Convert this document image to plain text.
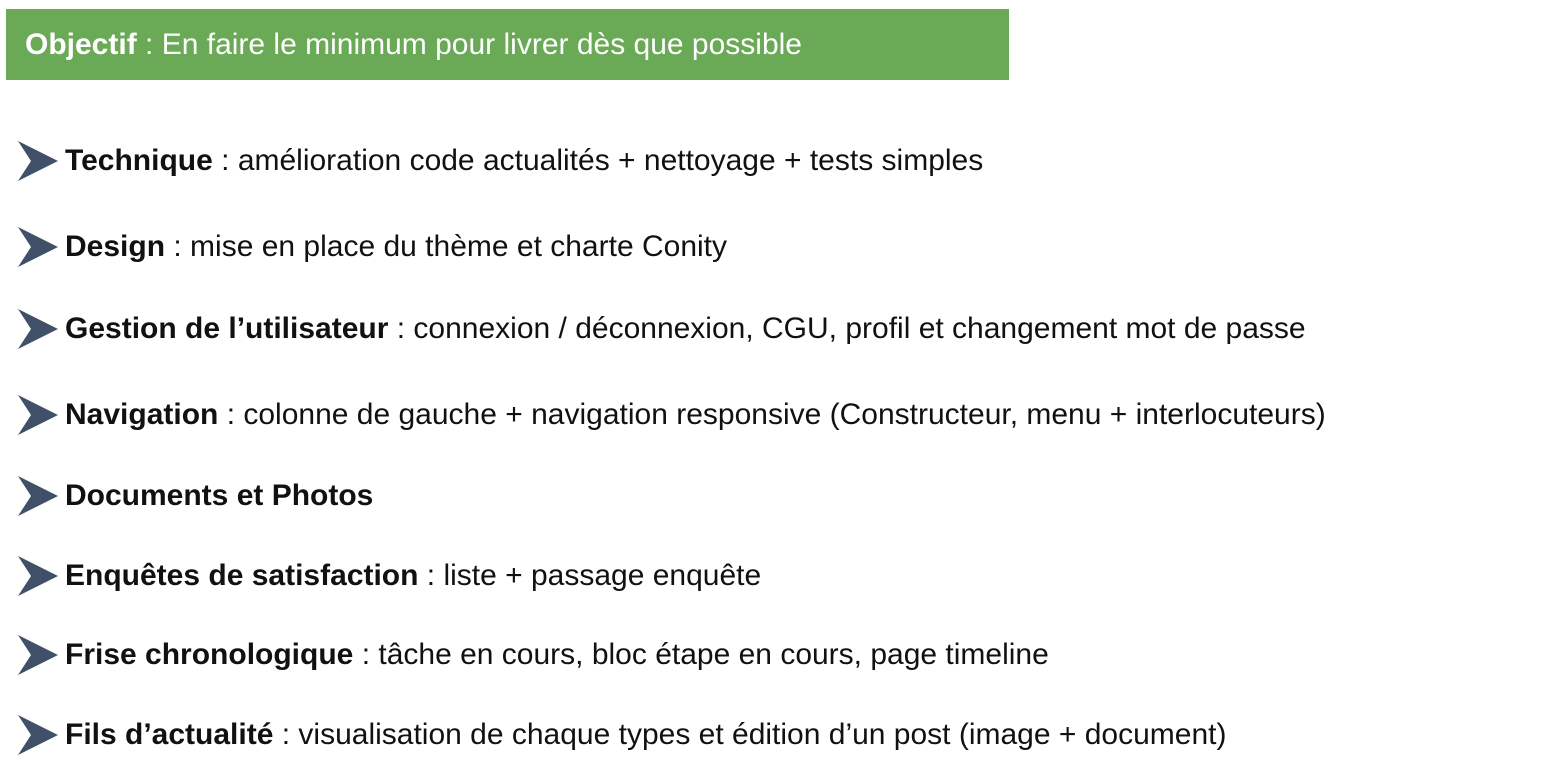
Objectif : En faire le minimum pour livrer dès que possible
Technique : amélioration code actualités + nettoyage + tests simples
Design : mise en place du thème et charte Conity
Gestion de l’utilisateur : connexion / déconnexion, CGU, profil et changement mot de passe
Navigation : colonne de gauche + navigation responsive (Constructeur, menu + interlocuteurs)
Documents et Photos
Enquêtes de satisfaction : liste + passage enquête
Frise chronologique : tâche en cours, bloc étape en cours, page timeline
Fils d’actualité : visualisation de chaque types et édition d’un post (image + document)
